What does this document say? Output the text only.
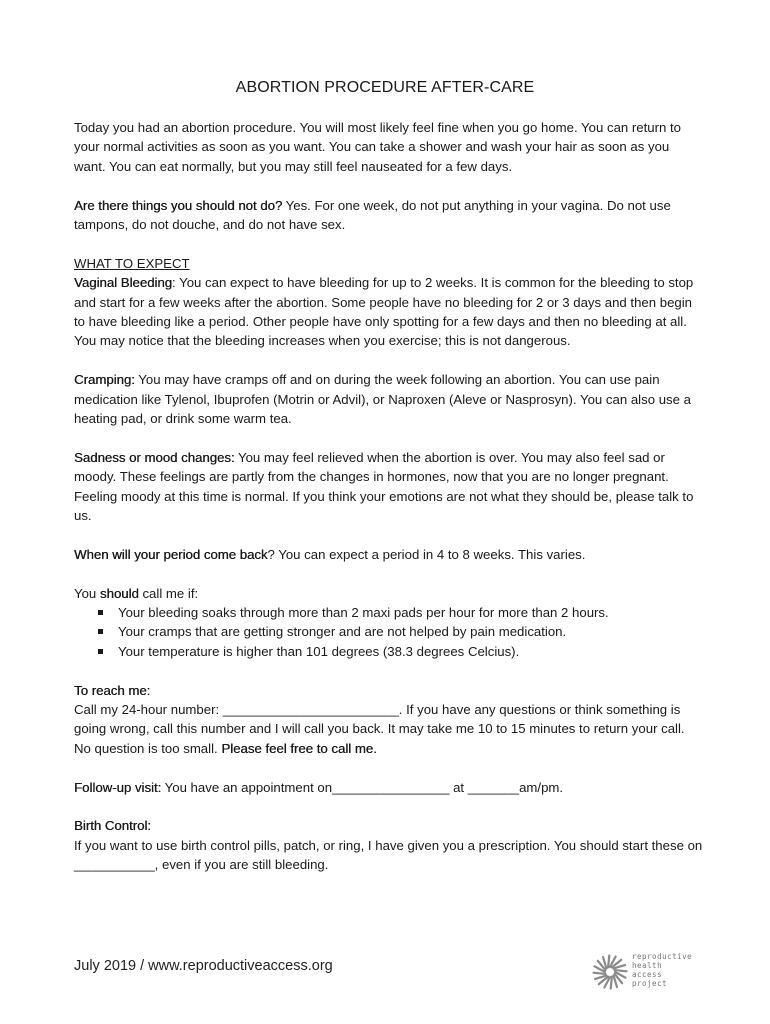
ABORTION PROCEDURE AFTER-CARE

Today you had an abortion procedure. You will most likely feel fine when you go home. You can return to your normal activities as soon as you want. You can take a shower and wash your hair as soon as you want. You can eat normally, but you may still feel nauseated for a few days.

Are there things you should not do? Yes. For one week, do not put anything in your vagina. Do not use tampons, do not douche, and do not have sex.

WHAT TO EXPECT
Vaginal Bleeding: You can expect to have bleeding for up to 2 weeks. It is common for the bleeding to stop and start for a few weeks after the abortion. Some people have no bleeding for 2 or 3 days and then begin to have bleeding like a period. Other people have only spotting for a few days and then no bleeding at all. You may notice that the bleeding increases when you exercise; this is not dangerous.

Cramping: You may have cramps off and on during the week following an abortion. You can use pain medication like Tylenol, Ibuprofen (Motrin or Advil), or Naproxen (Aleve or Nasprosyn). You can also use a heating pad, or drink some warm tea.

Sadness or mood changes: You may feel relieved when the abortion is over. You may also feel sad or moody. These feelings are partly from the changes in hormones, now that you are no longer pregnant. Feeling moody at this time is normal. If you think your emotions are not what they should be, please talk to us.

When will your period come back? You can expect a period in 4 to 8 weeks. This varies.

You should call me if:
Your bleeding soaks through more than 2 maxi pads per hour for more than 2 hours.
Your cramps that are getting stronger and are not helped by pain medication.
Your temperature is higher than 101 degrees (38.3 degrees Celcius).

To reach me:
Call my 24-hour number: ________________________. If you have any questions or think something is going wrong, call this number and I will call you back. It may take me 10 to 15 minutes to return your call. No question is too small. Please feel free to call me.

Follow-up visit: You have an appointment on________________ at _______am/pm.

Birth Control:
If you want to use birth control pills, patch, or ring, I have given you a prescription. You should start these on ___________, even if you are still bleeding.

July 2019 / www.reproductiveaccess.org
reproductive
health
access
project
